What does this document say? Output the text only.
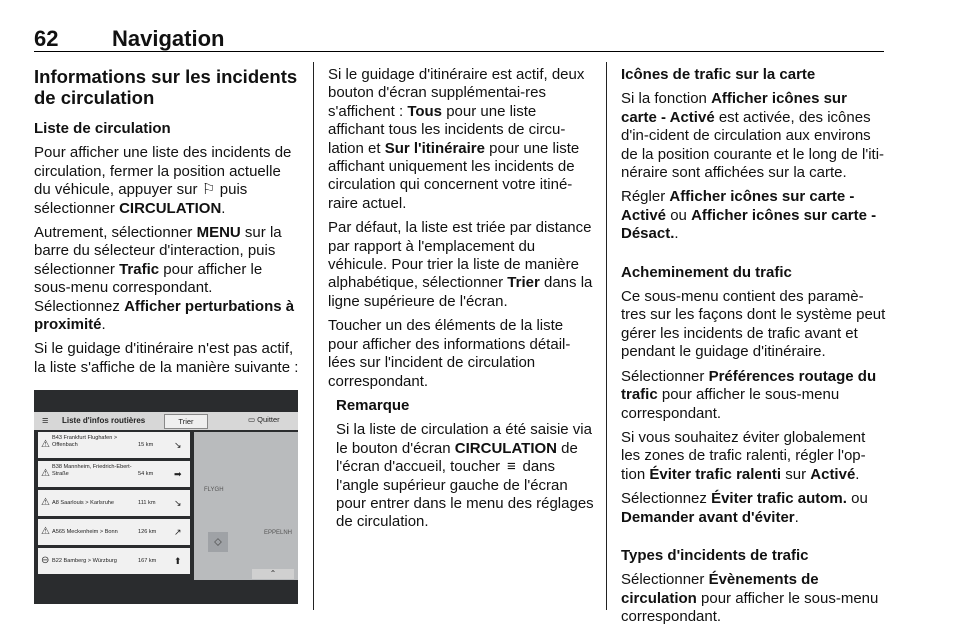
62 Navigation
Informations sur les incidents de circulation

Liste de circulation

Pour afficher une liste des incidents de circulation, fermer la position actuelle du véhicule, appuyer sur ⚐ puis sélectionner CIRCULATION.

Autrement, sélectionner MENU sur la barre du sélecteur d'interaction, puis sélectionner Trafic pour afficher le sous-menu correspondant. Sélectionnez Afficher perturbations à proximité.

Si le guidage d'itinéraire n'est pas actif, la liste s'affiche de la manière suivante :

≡ Liste d'infos routières	Trier	▭ Quitter
FLYGH
EPPELNH
⬦
⚠
B43 Frankfurt Flughafen > Offenbach	15 km ↘
⚠
B38 Mannheim, Friedrich-Ebert-Straße	54 km ➡
⚠ A8 Saarlouis > Karlsruhe	111 km ↘
⚠ A565 Meckenheim > Bonn	126 km ↗
⊖ B22 Bamberg > Würzburg	167 km ⬆
⌃

Si le guidage d'itinéraire est actif, deux bouton d'écran supplémentai-res s'affichent : Tous pour une liste affichant tous les incidents de circu-lation et Sur l'itinéraire pour une liste affichant uniquement les incidents de circulation qui concernent votre itiné-raire actuel.

Par défaut, la liste est triée par distance par rapport à l'emplacement du véhicule. Pour trier la liste de manière alphabétique, sélectionner Trier dans la ligne supérieure de l'écran.

Toucher un des éléments de la liste pour afficher des informations détail-lées sur l'incident de circulation correspondant.

Remarque

Si la liste de circulation a été saisie via le bouton d'écran CIRCULATION de l'écran d'accueil, toucher ≡ dans l'angle supérieur gauche de l'écran pour entrer dans le menu des réglages de circulation.

Icônes de trafic sur la carte

Si la fonction Afficher icônes sur carte - Activé est activée, des icônes d'in-cident de circulation aux environs de la position courante et le long de l'iti-néraire sont affichées sur la carte.

Régler Afficher icônes sur carte - Activé ou Afficher icônes sur carte - Désact..

Acheminement du trafic

Ce sous-menu contient des paramè-tres sur les façons dont le système peut gérer les incidents de trafic avant et pendant le guidage d'itinéraire.

Sélectionner Préférences routage du trafic pour afficher le sous-menu correspondant.

Si vous souhaitez éviter globalement les zones de trafic ralenti, régler l'op-tion Éviter trafic ralenti sur Activé.

Sélectionnez Éviter trafic autom. ou Demander avant d'éviter.

Types d'incidents de trafic

Sélectionner Évènements de circulation pour afficher le sous-menu correspondant.
